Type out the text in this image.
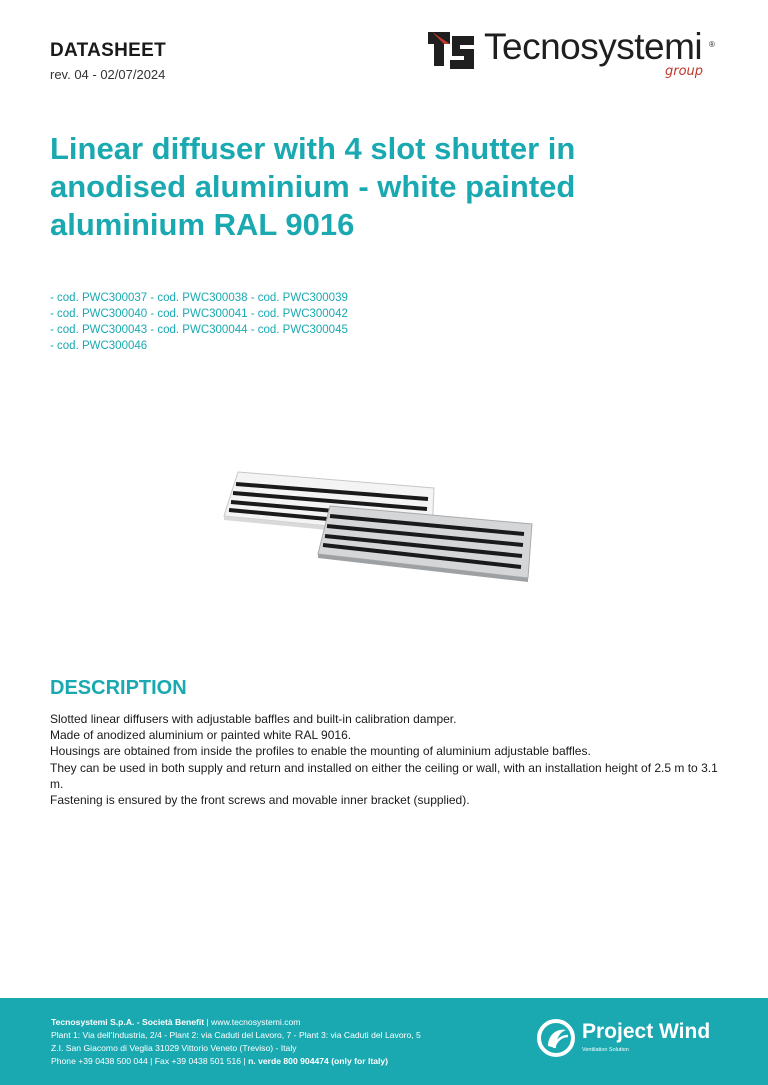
DATASHEET
rev. 04 - 02/07/2024
Tecnosystemi ®
group
Linear diffuser with 4 slot shutter in anodised aluminium - white painted aluminium RAL 9016
- cod. PWC300037 - cod. PWC300038 - cod. PWC300039
- cod. PWC300040 - cod. PWC300041 - cod. PWC300042
- cod. PWC300043 - cod. PWC300044 - cod. PWC300045
- cod. PWC300046
DESCRIPTION

Slotted linear diffusers with adjustable baffles and built-in calibration damper.

Made of anodized aluminium or painted white RAL 9016.

Housings are obtained from inside the profiles to enable the mounting of aluminium adjustable baffles.

They can be used in both supply and return and installed on either the ceiling or wall, with an installation height of 2.5 m to 3.1 m.

Fastening is ensured by the front screws and movable inner bracket (supplied).

Tecnosystemi S.p.A. - Società Benefit | www.tecnosystemi.com
Plant 1: Via dell'Industria, 2/4 - Plant 2: via Caduti del Lavoro, 7 - Plant 3: via Caduti del Lavoro, 5
Z.I. San Giacomo di Veglia 31029 Vittorio Veneto (Treviso) - Italy
Phone +39 0438 500 044 | Fax +39 0438 501 516 | n. verde 800 904474 (only for Italy)
Project Wind
Ventilation Solution
